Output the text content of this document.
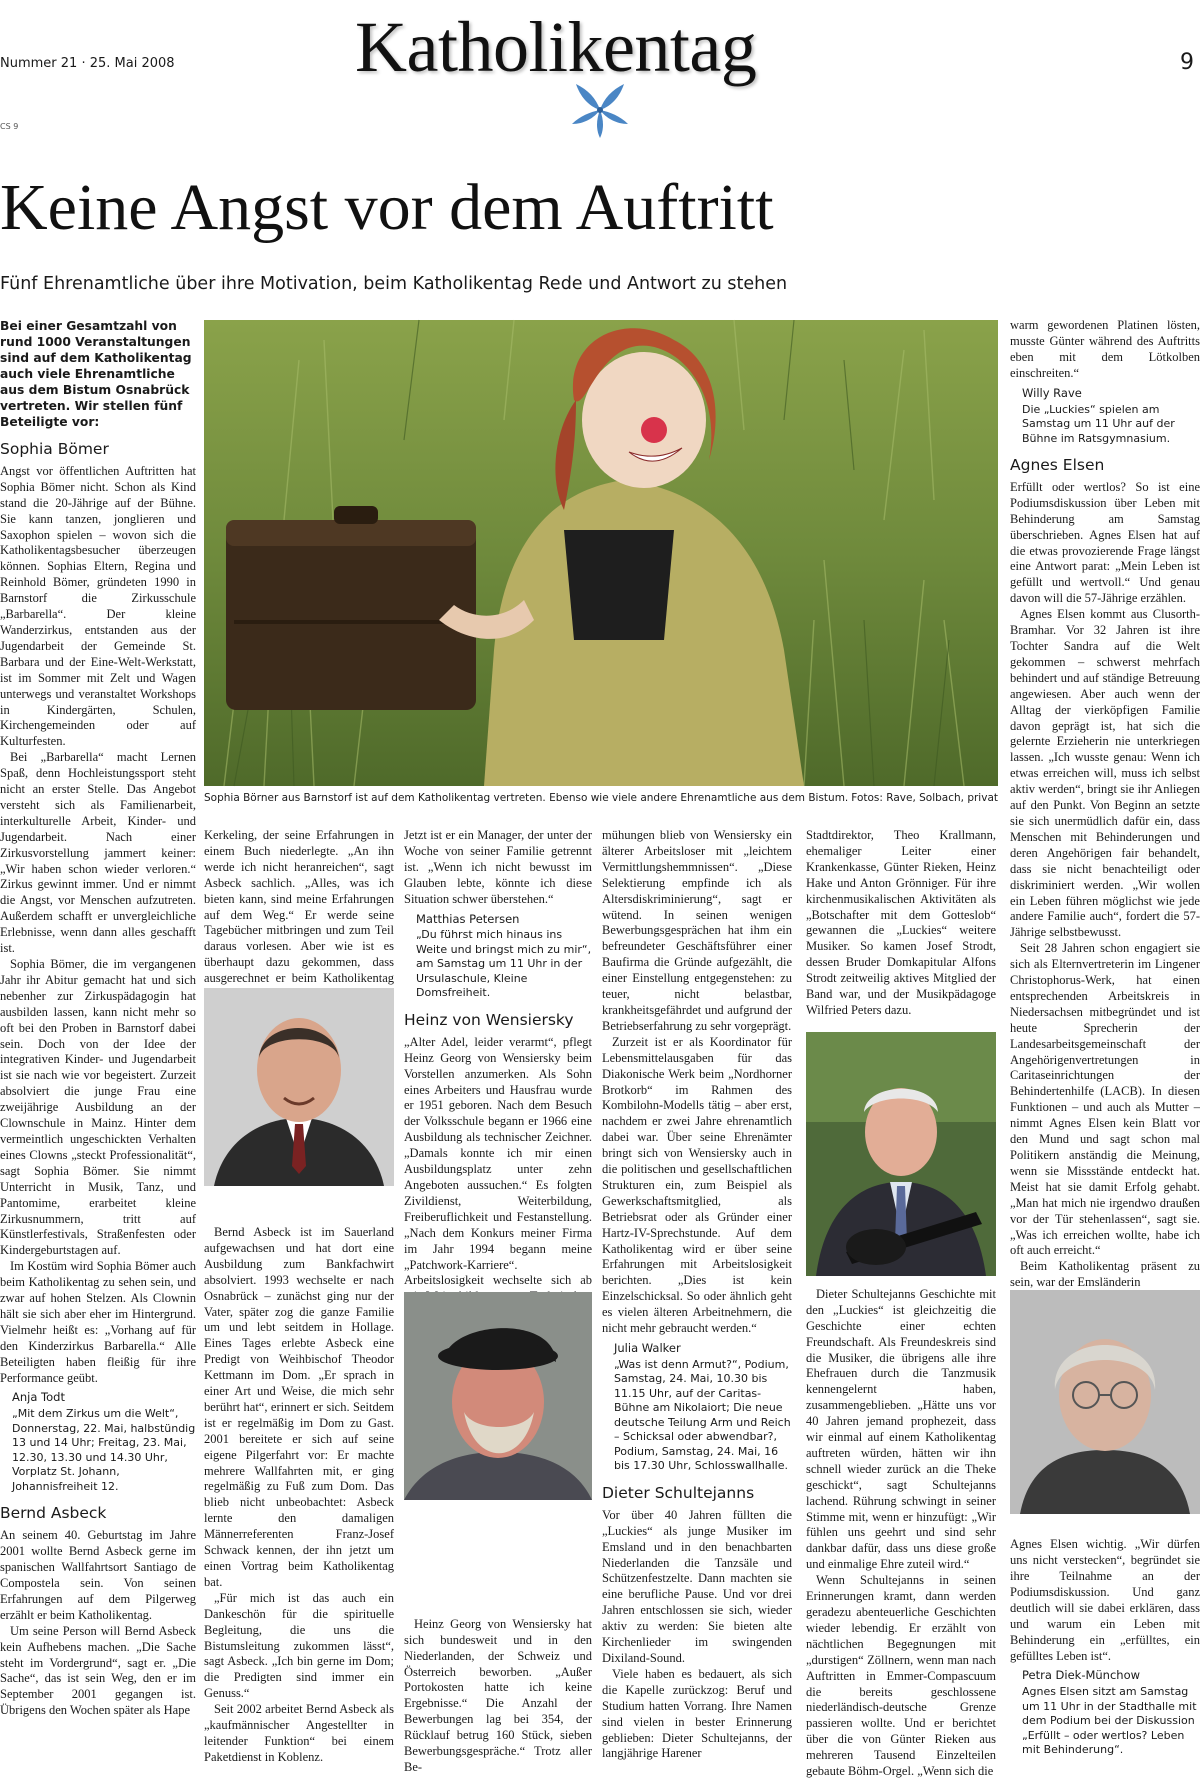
Nummer 21 · 25. Mai 2008	Katholikentag	9
CS 9
Keine Angst vor dem Auftritt
Fünf Ehrenamtliche über ihre Motivation, beim Katholikentag Rede und Antwort zu stehen
Sophia Börner aus Barnstorf ist auf dem Katholikentag vertreten. Ebenso wie viele andere Ehrenamtliche aus dem Bistum. Fotos: Rave, Solbach, privat

Bei einer Gesamtzahl von rund 1000 Veranstaltungen sind auf dem Katholikentag auch viele Ehrenamtliche aus dem Bistum Osnabrück vertreten. Wir stellen fünf Beteiligte vor:

Sophia Bömer

Angst vor öffentlichen Auftritten hat Sophia Bömer nicht. Schon als Kind stand die 20-Jährige auf der Bühne. Sie kann tanzen, jonglieren und Saxophon spielen – wovon sich die Katholikentagsbesucher überzeugen können. Sophias Eltern, Regina und Reinhold Bömer, gründeten 1990 in Barnstorf die Zirkusschule „Barbarella“. Der kleine Wanderzirkus, entstanden aus der Jugendarbeit der Gemeinde St. Barbara und der Eine-Welt-Werkstatt, ist im Sommer mit Zelt und Wagen unterwegs und veranstaltet Workshops in Kindergärten, Schulen, Kirchengemeinden oder auf Kulturfesten.

Bei „Barbarella“ macht Lernen Spaß, denn Hochleistungssport steht nicht an erster Stelle. Das Angebot versteht sich als Familienarbeit, interkulturelle Arbeit, Kinder- und Jugendarbeit. Nach einer Zirkusvorstellung jammert keiner: „Wir haben schon wieder verloren.“ Zirkus gewinnt immer. Und er nimmt die Angst, vor Menschen aufzutreten. Außerdem schafft er unvergleichliche Erlebnisse, wenn dann alles geschafft ist.

Sophia Bömer, die im vergangenen Jahr ihr Abitur gemacht hat und sich nebenher zur Zirkuspädagogin hat ausbilden lassen, kann nicht mehr so oft bei den Proben in Barnstorf dabei sein. Doch von der Idee der integrativen Kinder- und Jugendarbeit ist sie nach wie vor begeistert. Zurzeit absolviert die junge Frau eine zweijährige Ausbildung an der Clownschule in Mainz. Hinter dem vermeintlich ungeschickten Verhalten eines Clowns „steckt Professionalität“, sagt Sophia Bömer. Sie nimmt Unterricht in Musik, Tanz, und Pantomime, erarbeitet kleine Zirkusnummern, tritt auf Künstlerfestivals, Straßenfesten oder Kindergeburtstagen auf.

Im Kostüm wird Sophia Bömer auch beim Katholikentag zu sehen sein, und zwar auf hohen Stelzen. Als Clownin hält sie sich aber eher im Hintergrund. Vielmehr heißt es: „Vorhang auf für den Kinderzirkus Barbarella.“ Alle Beteiligten haben fleißig für ihre Performance geübt.

Anja Todt
„Mit dem Zirkus um die Welt“, Donnerstag, 22. Mai, halbstündig 13 und 14 Uhr; Freitag, 23. Mai, 12.30, 13.30 und 14.30 Uhr, Vorplatz St. Johann, Johannisfreiheit 12.
Bernd Asbeck

An seinem 40. Geburtstag im Jahre 2001 wollte Bernd Asbeck gerne im spanischen Wallfahrtsort Santiago de Compostela sein. Von seinen Erfahrungen auf dem Pilgerweg erzählt er beim Katholikentag.

Um seine Person will Bernd Asbeck kein Aufhebens machen. „Die Sache steht im Vordergrund“, sagt er. „Die Sache“, das ist sein Weg, den er im September 2001 gegangen ist. Übrigens den Wochen später als Hape

Kerkeling, der seine Erfahrungen in einem Buch niederlegte. „An ihn werde ich nicht heranreichen“, sagt Asbeck sachlich. „Alles, was ich bieten kann, sind meine Erfahrungen auf dem Weg.“ Er werde seine Tagebücher mitbringen und zum Teil daraus vorlesen. Aber wie ist es überhaupt dazu gekommen, dass ausgerechnet er beim Katholikentag

Bernd Asbeck ist im Sauerland aufgewachsen und hat dort eine Ausbildung zum Bankfachwirt absolviert. 1993 wechselte er nach Osnabrück – zunächst ging nur der Vater, später zog die ganze Familie um und lebt seitdem in Hollage. Eines Tages erlebte Asbeck eine Predigt von Weihbischof Theodor Kettmann im Dom. „Er sprach in einer Art und Weise, die mich sehr berührt hat“, erinnert er sich. Seitdem ist er regelmäßig im Dom zu Gast. 2001 bereitete er sich auf seine eigene Pilgerfahrt vor: Er machte mehrere Wallfahrten mit, er ging regelmäßig zu Fuß zum Dom. Das blieb nicht unbeobachtet: Asbeck lernte den damaligen Männerreferenten Franz-Josef Schwack kennen, der ihn jetzt um einen Vortrag beim Katholikentag bat.

„Für mich ist das auch ein Dankeschön für die spirituelle Begleitung, die uns die Bistumsleitung zukommen lässt“, sagt Asbeck. „Ich bin gerne im Dom; die Predigten sind immer ein Genuss.“

Seit 2002 arbeitet Bernd Asbeck als „kaufmännischer Angestellter in leitender Funktion“ bei einem Paketdienst in Koblenz.

Jetzt ist er ein Manager, der unter der Woche von seiner Familie getrennt ist. „Wenn ich nicht bewusst im Glauben lebte, könnte ich diese Situation schwer überstehen.“

Matthias Petersen
„Du führst mich hinaus ins Weite und bringst mich zu mir“, am Samstag um 11 Uhr in der Ursulaschule, Kleine Domsfreiheit.
Heinz von Wensiersky

„Alter Adel, leider verarmt“, pflegt Heinz Georg von Wensiersky beim Vorstellen anzumerken. Als Sohn eines Arbeiters und Hausfrau wurde er 1951 geboren. Nach dem Besuch der Volksschule begann er 1966 eine Ausbildung als technischer Zeichner. „Damals konnte ich mir einen Ausbildungsplatz unter zehn Angeboten aussuchen.“ Es folgten Zivildienst, Weiterbildung, Freiberuflichkeit und Festanstellung. „Nach dem Konkurs meiner Firma im Jahr 1994 begann meine „Patchwork-Karriere“. Arbeitslosigkeit wechselte sich ab

Heinz Georg von Wensiersky hat sich bundesweit und in den Niederlanden, der Schweiz und Österreich beworben. „Außer Portokosten hatte ich keine Ergebnisse.“ Die Anzahl der Bewerbungen lag bei 354, der Rücklauf betrug 160 Stück, sieben Bewerbungsgespräche.“ Trotz aller Be-

mühungen blieb von Wensiersky ein älterer Arbeitsloser mit „leichtem Vermittlungshemmnissen“. „Diese Selektierung empfinde ich als Altersdiskriminierung“, sagt er wütend. In seinen wenigen Bewerbungsgesprächen hat ihm ein befreundeter Geschäftsführer einer Baufirma die Gründe aufgezählt, die einer Einstellung entgegenstehen: zu teuer, nicht belastbar, krankheitsgefährdet und aufgrund der Betriebserfahrung zu sehr vorgeprägt.

Zurzeit ist er als Koordinator für Lebensmittelausgaben für das Diakonische Werk beim „Nordhorner Brotkorb“ im Rahmen des Kombilohn-Modells tätig – aber erst, nachdem er zwei Jahre ehrenamtlich dabei war. Über seine Ehrenämter bringt sich von Wensiersky auch in die politischen und gesellschaftlichen Strukturen ein, zum Beispiel als Gewerkschaftsmitglied, als Betriebsrat oder als Gründer einer Hartz-IV-Sprechstunde. Auf dem Katholikentag wird er über seine Erfahrungen mit Arbeitslosigkeit berichten. „Dies ist kein Einzelschicksal. So oder ähnlich geht es vielen älteren Arbeitnehmern, die nicht mehr gebraucht werden.“

Julia Walker
„Was ist denn Armut?“, Podium, Samstag, 24. Mai, 10.30 bis 11.15 Uhr, auf der Caritas-Bühne am Nikolaiort; Die neue deutsche Teilung Arm und Reich – Schicksal oder abwendbar?, Podium, Samstag, 24. Mai, 16 bis 17.30 Uhr, Schlosswallhalle.
Dieter Schultejanns

Vor über 40 Jahren füllten die „Luckies“ als junge Musiker im Emsland und in den benachbarten Niederlanden die Tanzsäle und Schützenfestzelte. Dann machten sie eine berufliche Pause. Und vor drei Jahren entschlossen sie sich, wieder aktiv zu werden: Sie bieten alte Kirchenlieder im swingenden Dixiland-Sound.

Viele haben es bedauert, als sich die Kapelle zurückzog: Beruf und Studium hatten Vorrang. Ihre Namen sind vielen in bester Erinnerung geblieben: Dieter Schultejanns, der langjährige Harener

Stadtdirektor, Theo Krallmann, ehemaliger Leiter einer Krankenkasse, Günter Rieken, Heinz Hake und Anton Grönniger. Für ihre kirchenmusikalischen Aktivitäten als „Botschafter mit dem Gotteslob“ gewannen die „Luckies“ weitere Musiker. So kamen Josef Strodt, dessen Bruder Domkapitular Alfons Strodt zeitweilig aktives Mitglied der Band war, und der Musikpädagoge Wilfried Peters dazu.

Dieter Schultejanns Geschichte mit den „Luckies“ ist gleichzeitig die Geschichte einer echten Freundschaft. Als Freundeskreis sind die Musiker, die übrigens alle ihre Ehefrauen durch die Tanzmusik kennengelernt haben, zusammengeblieben. „Hätte uns vor 40 Jahren jemand prophezeit, dass wir einmal auf einem Katholikentag auftreten würden, hätten wir ihn schnell wieder zurück an die Theke geschickt“, sagt Schultejanns lachend. Rührung schwingt in seiner Stimme mit, wenn er hinzufügt: „Wir fühlen uns geehrt und sind sehr dankbar dafür, dass uns diese große und einmalige Ehre zuteil wird.“

Wenn Schultejanns in seinen Erinnerungen kramt, dann werden geradezu abenteuerliche Geschichten wieder lebendig. Er erzählt von nächtlichen Begegnungen mit „durstigen“ Zöllnern, wenn man nach Auftritten in Emmer-Compascuum die bereits geschlossene niederländisch-deutsche Grenze passieren wollte. Und er berichtet über die von Günter Rieken aus mehreren Tausend Einzelteilen gebaute Böhm-Orgel. „Wenn sich die

warm gewordenen Platinen lösten, musste Günter während des Auftritts eben mit dem Lötkolben einschreiten.“

Willy Rave
Die „Luckies“ spielen am Samstag um 11 Uhr auf der Bühne im Ratsgymnasium.
Agnes Elsen

Erfüllt oder wertlos? So ist eine Podiumsdiskussion über Leben mit Behinderung am Samstag überschrieben. Agnes Elsen hat auf die etwas provozierende Frage längst eine Antwort parat: „Mein Leben ist gefüllt und wertvoll.“ Und genau davon will die 57-Jährige erzählen.

Agnes Elsen kommt aus Clusorth-Bramhar. Vor 32 Jahren ist ihre Tochter Sandra auf die Welt gekommen – schwerst mehrfach behindert und auf ständige Betreuung angewiesen. Aber auch wenn der Alltag der vierköpfigen Familie davon geprägt ist, hat sich die gelernte Erzieherin nie unterkriegen lassen. „Ich wusste genau: Wenn ich etwas erreichen will, muss ich selbst aktiv werden“, bringt sie ihr Anliegen auf den Punkt. Von Beginn an setzte sie sich unermüdlich dafür ein, dass Menschen mit Behinderungen und deren Angehörigen fair behandelt, dass sie nicht benachteiligt oder diskriminiert werden. „Wir wollen ein Leben führen möglichst wie jede andere Familie auch“, fordert die 57-Jährige selbstbewusst.

Seit 28 Jahren schon engagiert sie sich als Elternvertreterin im Lingener Christophorus-Werk, hat einen entsprechenden Arbeitskreis in Niedersachsen mitbegründet und ist heute Sprecherin der Landesarbeitsgemeinschaft der Angehörigenvertretungen in Caritaseinrichtungen der Behindertenhilfe (LACB). In diesen Funktionen – und auch als Mutter – nimmt Agnes Elsen kein Blatt vor den Mund und sagt schon mal Politikern anständig die Meinung, wenn sie Missstände entdeckt hat. Meist hat sie damit Erfolg gehabt. „Man hat mich nie irgendwo draußen vor der Tür stehenlassen“, sagt sie. „Was ich erreichen wollte, habe ich oft auch erreicht.“

Beim Katholikentag präsent zu sein, war der Emsländerin

Agnes Elsen wichtig. „Wir dürfen uns nicht verstecken“, begründet sie ihre Teilnahme an der Podiumsdiskussion. Und ganz deutlich will sie dabei erklären, dass und warum ein Leben mit Behinderung ein „erfülltes, ein gefülltes Leben ist“.

Petra Diek-Münchow
Agnes Elsen sitzt am Samstag um 11 Uhr in der Stadthalle mit dem Podium bei der Diskussion „Erfüllt – oder wertlos? Leben mit Behinderung“.
